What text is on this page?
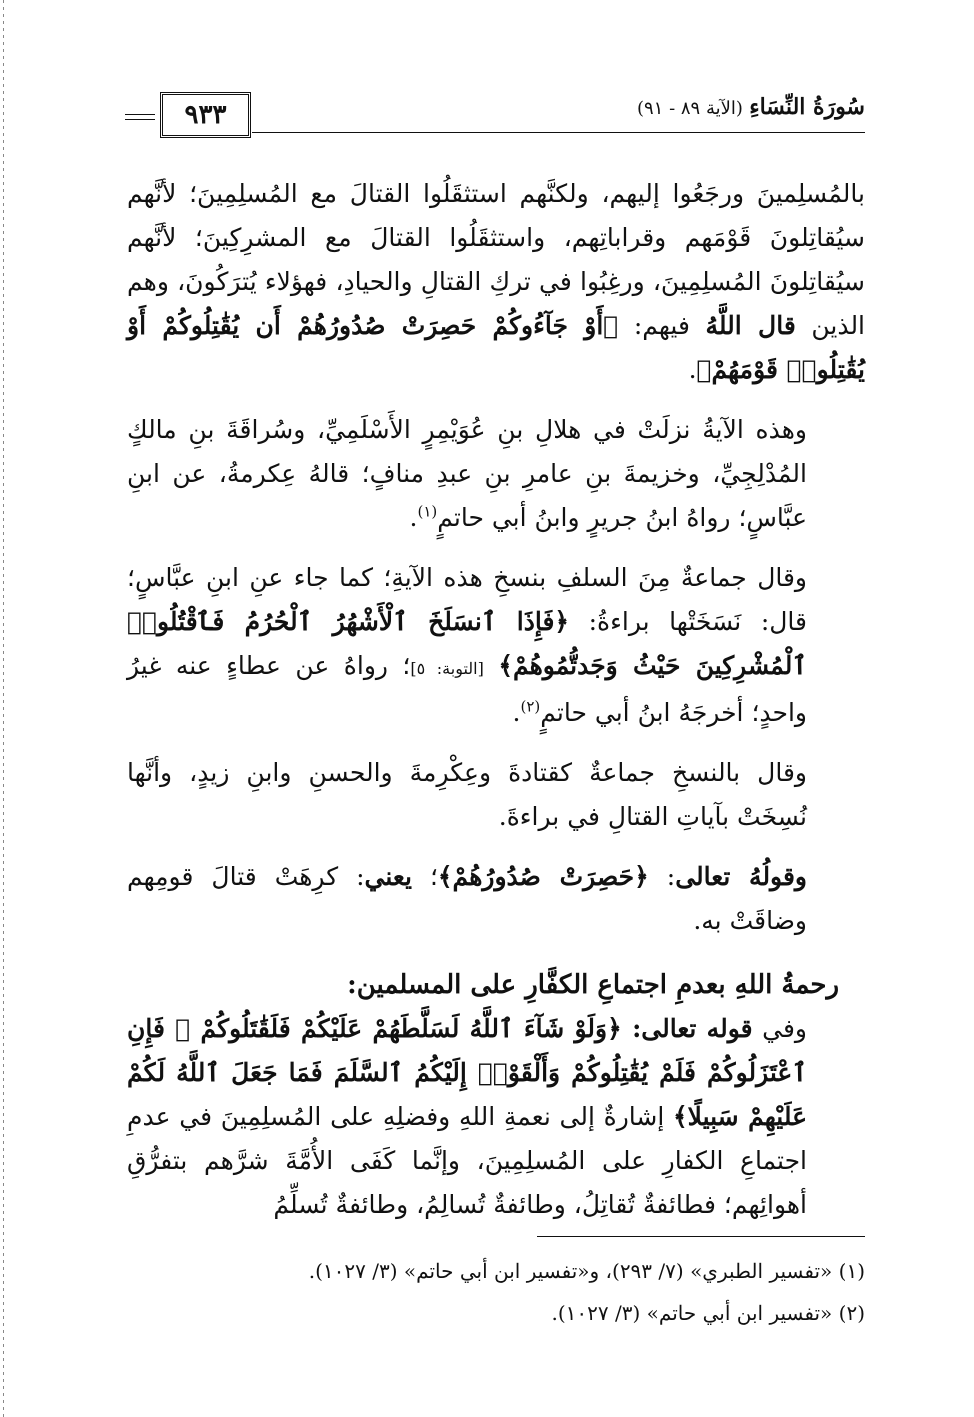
٩٣٣	سُورَةُ النِّسَاءِ (الآية ٨٩ - ٩١)

بالمُسلِمينَ ورجَعُوا إليهم، ولكنَّهم استثقَلُوا القتالَ مع المُسلِمِينَ؛ لأنَّهم سيُقاتِلونَ قَوْمَهم وقراباتِهم، واستثقَلُوا القتالَ مع المشرِكِينَ؛ لأنَّهم سيُقاتِلونَ المُسلِمِينَ، ورغِبُوا في تركِ القتالِ والحيادِ، فهؤلاء يُترَكُونَ، وهم الذين قال اللَّهُ فيهم: ﴿أَوْ جَآءُوكُمْ حَصِرَتْ صُدُورُهُمْ أَن يُقَٰتِلُوكُمْ أَوْ يُقَٰتِلُوا۟ قَوْمَهُمْ﴾.

وهذه الآيةُ نزلَتْ في هلالِ بنِ عُوَيْمِرٍ الأَسْلَمِيِّ، وسُراقَةَ بنِ مالكٍ المُدْلِجِيِّ، وخزيمةَ بنِ عامرِ بنِ عبدِ منافٍ؛ قالهُ عِكرمةُ، عن ابنِ عبَّاسٍ؛ رواهُ ابنُ جريرٍ وابنُ أبي حاتمٍ$^{(١)}$.

وقال جماعةٌ مِنَ السلفِ بنسخِ هذه الآيةِ؛ كما جاء عنِ ابنِ عبَّاسٍ؛ قال: نَسَخَتْها براءةُ: ﴿فَإِذَا ٱنسَلَخَ ٱلْأَشْهُرُ ٱلْحُرُمُ فَٱقْتُلُوا۟ ٱلْمُشْرِكِينَ حَيْثُ وَجَدتُّمُوهُمْ﴾ [التوبة: ٥]؛ رواهُ عن عطاءٍ عنه غيرُ واحدٍ؛ أخرجَهُ ابنُ أبي حاتمٍ$^{(٢)}$.

وقال بالنسخِ جماعةٌ كقتادةَ وعِكْرِمةَ والحسنِ وابنِ زيدٍ، وأنَّها نُسِخَتْ بآياتِ القتالِ في براءةَ.

وقولُهُ تعالى: ﴿حَصِرَتْ صُدُورُهُمْ﴾؛ يعني: كرِهَتْ قتالَ قومِهم وضاقَتْ به.

رحمةُ اللهِ بعدمِ اجتماعِ الكفَّارِ على المسلمين:

وفي قوله تعالى: ﴿وَلَوْ شَآءَ ٱللَّهُ لَسَلَّطَهُمْ عَلَيْكُمْ فَلَقَٰتَلُوكُمْ ۚ فَإِنِ ٱعْتَزَلُوكُمْ فَلَمْ يُقَٰتِلُوكُمْ وَأَلْقَوْا۟ إِلَيْكُمُ ٱلسَّلَمَ فَمَا جَعَلَ ٱللَّهُ لَكُمْ عَلَيْهِمْ سَبِيلًا﴾ إشارةٌ إلى نعمةِ اللهِ وفضلِهِ على المُسلِمِينَ في عدمِ اجتماعِ الكفارِ على المُسلِمِينَ، وإنَّما كَفَى الأُمَّةَ شرَّهم بتفرُّقِ أهوائِهم؛ فطائفةٌ تُقاتِلُ، وطائفةٌ تُسالِمُ، وطائفةٌ تُسلِّمُ

(١) «تفسير الطبري» (٧/ ٢٩٣)، و«تفسير ابن أبي حاتم» (٣/ ١٠٢٧).
(٢) «تفسير ابن أبي حاتم» (٣/ ١٠٢٧).
